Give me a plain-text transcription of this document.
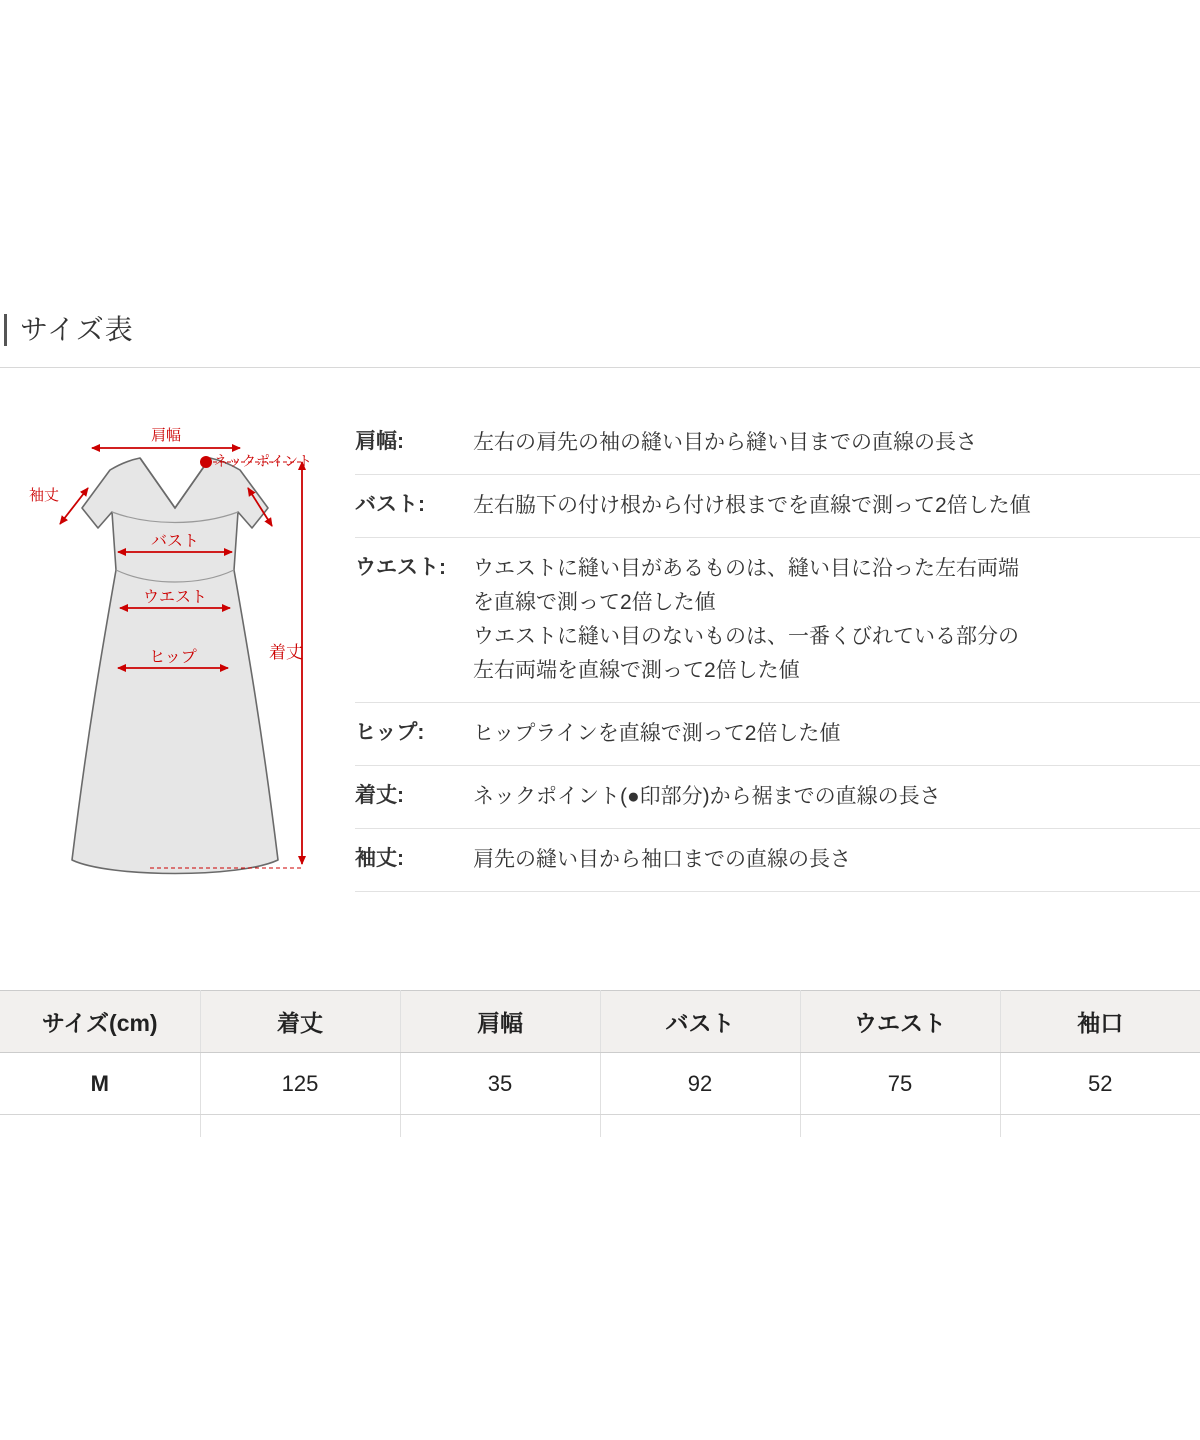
サイズ表
肩幅
ネックポイント
袖丈
バスト
ウエスト
ヒップ	着丈
肩幅:	左右の肩先の袖の縫い目から縫い目までの直線の長さ
バスト:	左右脇下の付け根から付け根までを直線で測って2倍した値
ウエスト:	ウエストに縫い目があるものは、縫い目に沿った左右両端
を直線で測って2倍した値
ウエストに縫い目のないものは、一番くびれている部分の
左右両端を直線で測って2倍した値
ヒップ:	ヒップラインを直線で測って2倍した値
着丈:	ネックポイント(●印部分)から裾までの直線の長さ
袖丈:	肩先の縫い目から袖口までの直線の長さ
サイズ(cm)	着丈	肩幅	バスト	ウエスト	袖口
M	125	35	92	75	52
